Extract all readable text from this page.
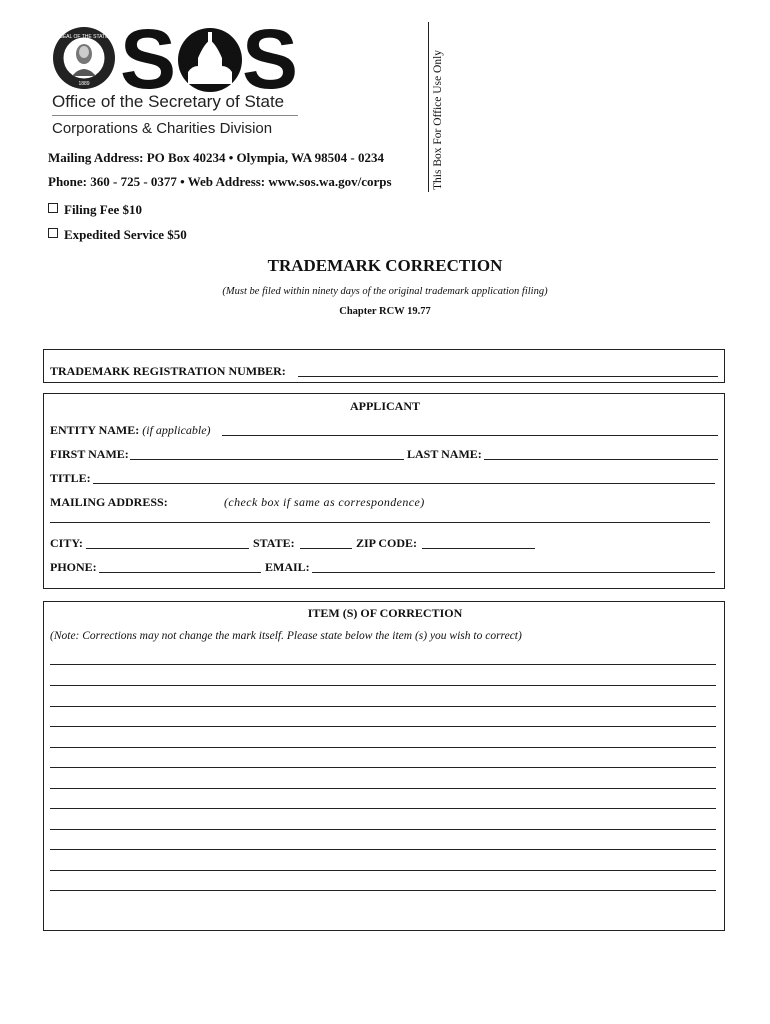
SEAL OF THE STATE
1889 S S
Office of the Secretary of State
Corporations & Charities Division
Mailing Address: PO Box 40234 • Olympia, WA 98504 - 0234
Phone: 360 - 725 - 0377 • Web Address: www.sos.wa.gov/corps	This Box For Office Use Only
Filing Fee $10
Expedited Service $50
TRADEMARK CORRECTION
(Must be filed within ninety days of the original trademark application filing)
Chapter RCW 19.77
TRADEMARK REGISTRATION NUMBER:
APPLICANT
ENTITY NAME: (if applicable)
FIRST NAME:	LAST NAME:
TITLE:
MAILING ADDRESS:	(check box if same as correspondence)
CITY:	STATE:	ZIP CODE:
PHONE:	EMAIL:
ITEM (S) OF CORRECTION
(Note: Corrections may not change the mark itself. Please state below the item (s) you wish to correct)
